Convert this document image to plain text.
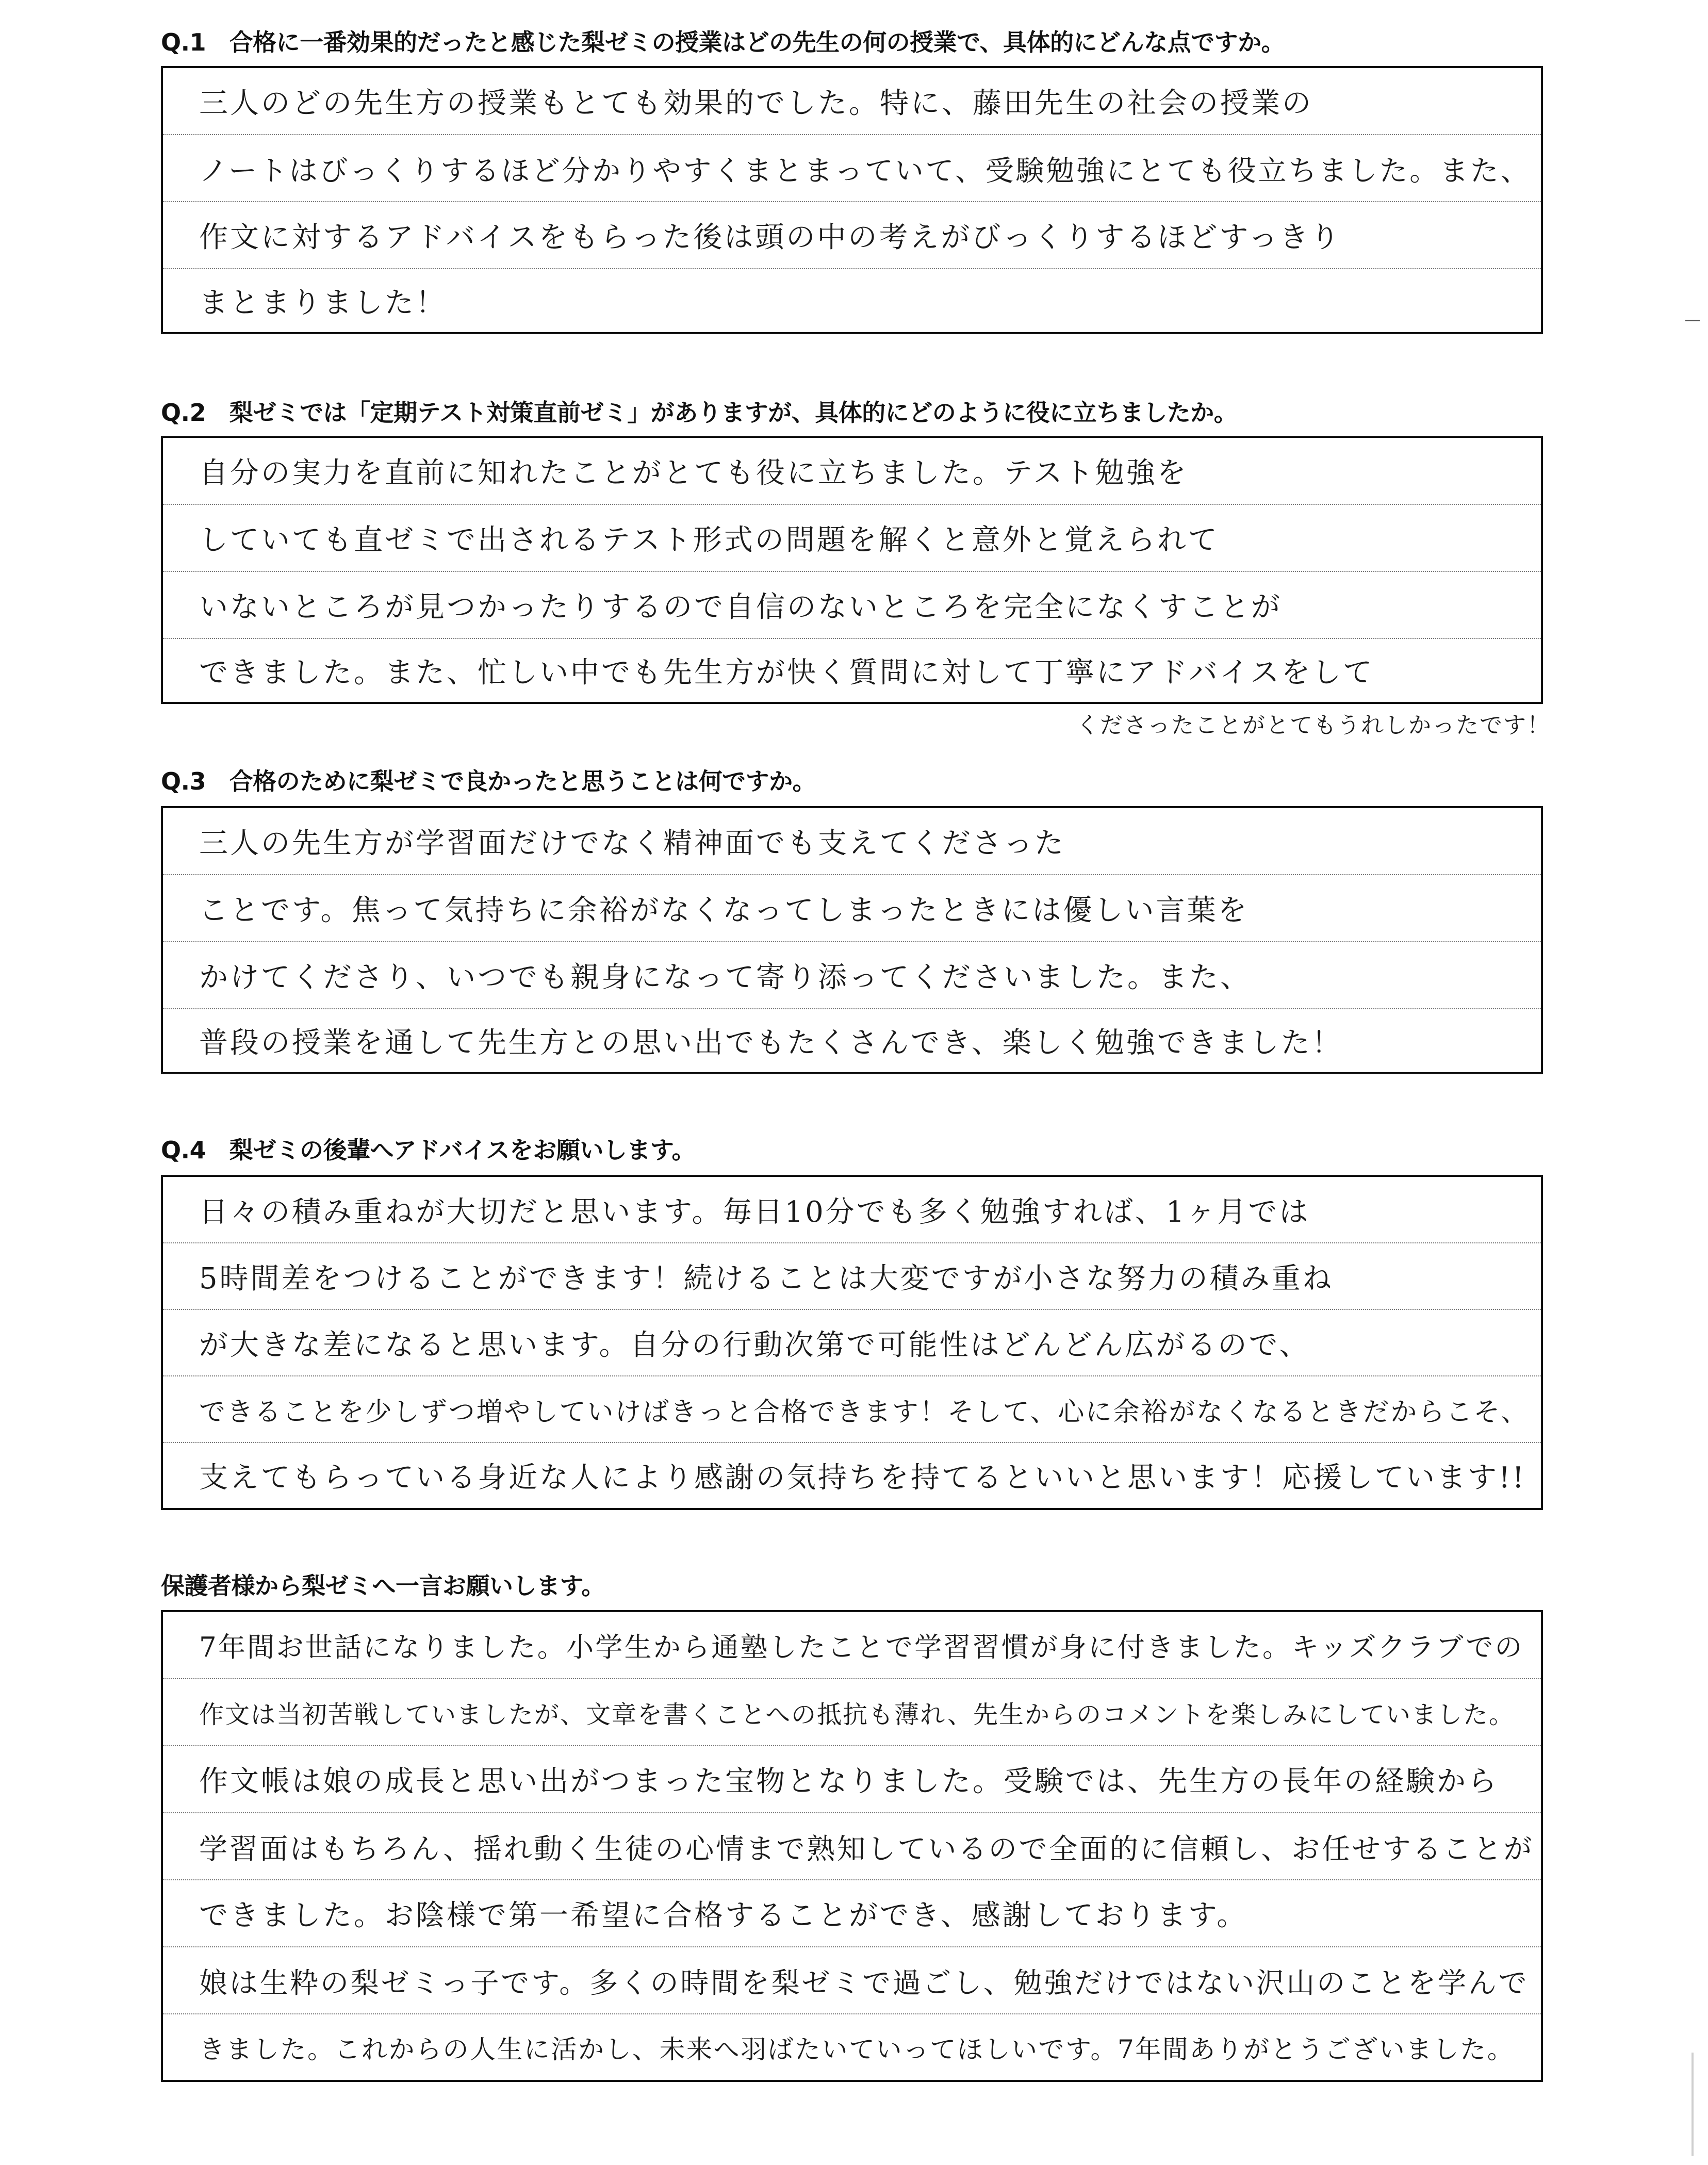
Q.1　合格に一番効果的だったと感じた梨ゼミの授業はどの先生の何の授業で、具体的にどんな点ですか。
三人のどの先生方の授業もとても効果的でした。特に、藤田先生の社会の授業の
ノートはびっくりするほど分かりやすくまとまっていて、受験勉強にとても役立ちました。また、
作文に対するアドバイスをもらった後は頭の中の考えがびっくりするほどすっきり
まとまりました！
Q.2　梨ゼミでは「定期テスト対策直前ゼミ」がありますが、具体的にどのように役に立ちましたか。
自分の実力を直前に知れたことがとても役に立ちました。テスト勉強を
していても直ゼミで出されるテスト形式の問題を解くと意外と覚えられて
いないところが見つかったりするので自信のないところを完全になくすことが
できました。また、忙しい中でも先生方が快く質問に対して丁寧にアドバイスをして
くださったことがとてもうれしかったです！
Q.3　合格のために梨ゼミで良かったと思うことは何ですか。
三人の先生方が学習面だけでなく精神面でも支えてくださった
ことです。焦って気持ちに余裕がなくなってしまったときには優しい言葉を
かけてくださり、いつでも親身になって寄り添ってくださいました。また、
普段の授業を通して先生方との思い出でもたくさんでき、楽しく勉強できました！
Q.4　梨ゼミの後輩へアドバイスをお願いします。
日々の積み重ねが大切だと思います。毎日10分でも多く勉強すれば、1ヶ月では
5時間差をつけることができます！続けることは大変ですが小さな努力の積み重ね
が大きな差になると思います。自分の行動次第で可能性はどんどん広がるので、
できることを少しずつ増やしていけばきっと合格できます！そして、心に余裕がなくなるときだからこそ、
支えてもらっている身近な人により感謝の気持ちを持てるといいと思います！応援しています!!
保護者様から梨ゼミへ一言お願いします。
7年間お世話になりました。小学生から通塾したことで学習習慣が身に付きました。キッズクラブでの
作文は当初苦戦していましたが、文章を書くことへの抵抗も薄れ、先生からのコメントを楽しみにしていました。
作文帳は娘の成長と思い出がつまった宝物となりました。受験では、先生方の長年の経験から
学習面はもちろん、揺れ動く生徒の心情まで熟知しているので全面的に信頼し、お任せすることが
できました。お陰様で第一希望に合格することができ、感謝しております。
娘は生粋の梨ゼミっ子です。多くの時間を梨ゼミで過ごし、勉強だけではない沢山のことを学んで
きました。これからの人生に活かし、未来へ羽ばたいていってほしいです。7年間ありがとうございました。
